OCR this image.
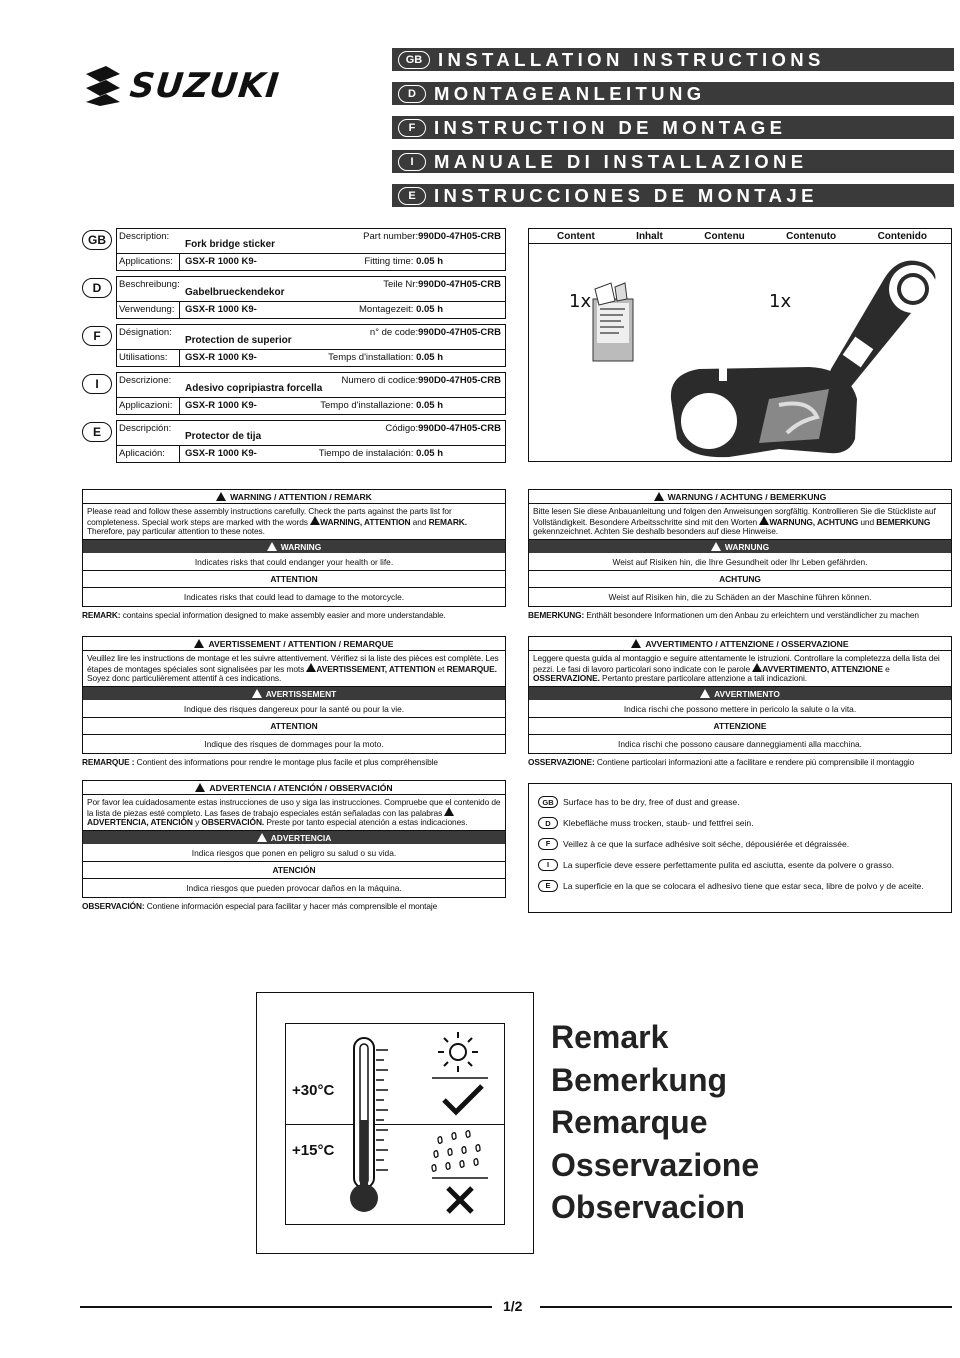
SUZUKI
GB INSTALLATION INSTRUCTIONS
D MONTAGEANLEITUNG
F	INSTRUCTION DE MONTAGE
I	MANUALE DI INSTALLAZIONE
E INSTRUCCIONES DE MONTAJE
GB	Description:
Fork bridge sticker
Part number:990D0-47H05-CRB
Applications: GSX-R 1000 K9-	Fitting time: 0.05 h
D	Beschreibung:
Gabelbrueckendekor
Teile Nr:990D0-47H05-CRB
Verwendung: GSX-R 1000 K9-	Montagezeit: 0.05 h
F	Désignation:
Protection de superior
n° de code:990D0-47H05-CRB
Utilisations: GSX-R 1000 K9-	Temps d'installation: 0.05 h
I	Descrizione:
Adesivo copripiastra forcella
Numero di codice:990D0-47H05-CRB
Applicazioni: GSX-R 1000 K9-	Tempo d'installazione: 0.05 h
E	Descripción:
Protector de tija
Código:990D0-47H05-CRB
Aplicación: GSX-R 1000 K9-	Tiempo de instalación: 0.05 h
Content	Inhalt	Contenu	Contenuto	Contenido
1x	1x
WARNING / ATTENTION / REMARK
Please read and follow these assembly instructions carefully. Check the parts against the parts list for completeness. Special work steps are marked with the words WARNING, ATTENTION and REMARK. Therefore, pay particular attention to these notes.
WARNING
Indicates risks that could endanger your health or life.
ATTENTION
Indicates risks that could lead to damage to the motorcycle.
REMARK: contains special information designed to make assembly easier and more understandable.
WARNUNG / ACHTUNG / BEMERKUNG
Bitte lesen Sie diese Anbauanleitung und folgen den Anweisungen sorgfältig. Kontrollieren Sie die Stückliste auf Vollständigkeit. Besondere Arbeitsschritte sind mit den Worten WARNUNG, ACHTUNG und BEMERKUNG gekennzeichnet. Achten Sie deshalb besonders auf diese Hinweise.
WARNUNG
Weist auf Risiken hin, die Ihre Gesundheit oder Ihr Leben gefährden.
ACHTUNG
Weist auf Risiken hin, die zu Schäden an der Maschine führen können.
BEMERKUNG: Enthält besondere Informationen um den Anbau zu erleichtern und verständlicher zu machen
AVERTISSEMENT / ATTENTION / REMARQUE
Veuillez lire les instructions de montage et les suivre attentivement. Vérifiez si la liste des pièces est complète. Les étapes de montages spéciales sont signalisées par les mots AVERTISSEMENT, ATTENTION et REMARQUE. Soyez donc particulièrement attentif à ces indications.
AVERTISSEMENT
Indique des risques dangereux pour la santé ou pour la vie.
ATTENTION
Indique des risques de dommages pour la moto.
REMARQUE : Contient des informations pour rendre le montage plus facile et plus compréhensible
AVVERTIMENTO / ATTENZIONE / OSSERVAZIONE
Leggere questa guida al montaggio e seguire attentamente le istruzioni. Controllare la completezza della lista dei pezzi. Le fasi di lavoro particolari sono indicate con le parole AVVERTIMENTO, ATTENZIONE e OSSERVAZIONE. Pertanto prestare particolare attenzione a tali indicazioni.
AVVERTIMENTO
Indica rischi che possono mettere in pericolo la salute o la vita.
ATTENZIONE
Indica rischi che possono causare danneggiamenti alla macchina.
OSSERVAZIONE: Contiene particolari informazioni atte a facilitare e rendere più comprensibile il montaggio
ADVERTENCIA / ATENCIÓN / OBSERVACIÓN
Por favor lea cuidadosamente estas instrucciones de uso y siga las instrucciones. Compruebe que el contenido de la lista de piezas esté completo. Las fases de trabajo especiales están señaladas con las palabras ADVERTENCIA, ATENCIÓN y OBSERVACIÓN. Preste por tanto especial atención a estas indicaciones.
ADVERTENCIA
Indica riesgos que ponen en peligro su salud o su vida.
ATENCIÓN
Indica riesgos que pueden provocar daños en la máquina.
OBSERVACIÓN: Contiene información especial para facilitar y hacer más comprensible el montaje
GB	Surface has to be dry, free of dust and grease.
D	Klebefläche muss trocken, staub- und fettfrei sein.
F	Veillez à ce que la surface adhésive soit séche, dépousiérée et dégraissée.
I	La superficie deve essere perfettamente pulita ed asciutta, esente da polvere o grasso.
E	La superficie en la que se colocara el adhesivo tiene que estar seca, libre de polvo y de aceite.
+30°C
+15°C
Remark
Bemerkung
Remarque
Osservazione
Observacion
1/2
